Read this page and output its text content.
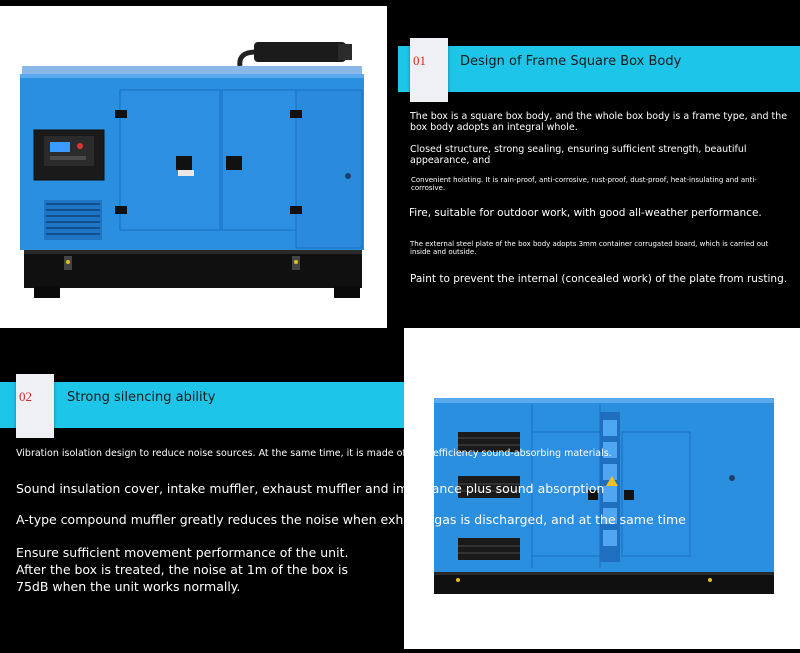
01	Design of Frame Square Box Body
The box is a square box body, and the whole box body is a frame type, and the box body adopts an integral whole.
Closed structure, strong sealing, ensuring sufficient strength, beautiful appearance, and
Convenient hoisting. It is rain-proof, anti-corrosive, rust-proof, dust-proof, heat-insulating and anti-corrosive.
Fire, suitable for outdoor work, with good all-weather performance.
The external steel plate of the box body adopts 3mm container corrugated board, which is carried out inside and outside.
Paint to prevent the internal (concealed work) of the plate from rusting.
02	Strong silencing ability
Vibration isolation design to reduce noise sources. At the same time, it is made of high-efficiency sound-absorbing materials.
Sound insulation cover, intake muffler, exhaust muffler and impedance plus sound absorption
A-type compound muffler greatly reduces the noise when exhaust gas is discharged, and at the same time
Ensure sufficient movement performance of the unit. After the box is treated, the noise at 1m of the box is 75dB when the unit works normally.
